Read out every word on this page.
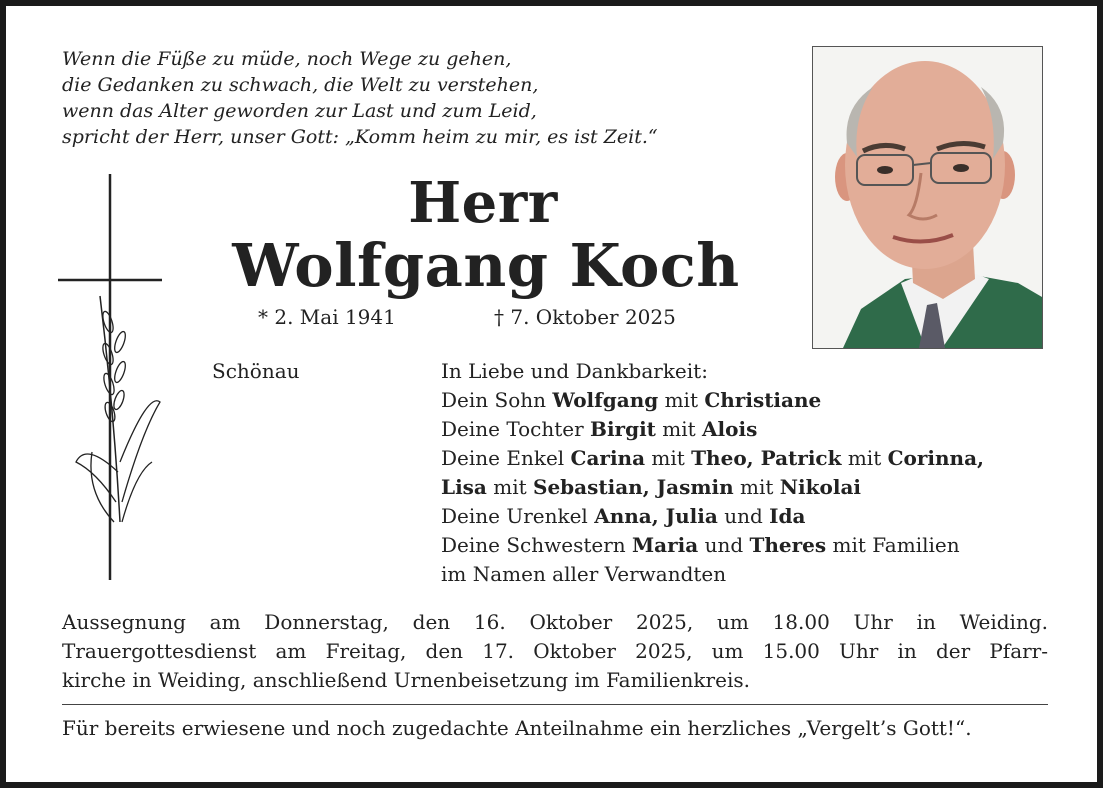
Wenn die Füße zu müde, noch Wege zu gehen,
die Gedanken zu schwach, die Welt zu verstehen,
wenn das Alter geworden zur Last und zum Leid,
spricht der Herr, unser Gott: „Komm heim zu mir, es ist Zeit.“
Herr
Wolfgang Koch
* 2. Mai 1941	† 7. Oktober 2025
Schönau	In Liebe und Dankbarkeit:
Dein Sohn Wolfgang mit Christiane
Deine Tochter Birgit mit Alois
Deine Enkel Carina mit Theo, Patrick mit Corinna,
Lisa mit Sebastian, Jasmin mit Nikolai
Deine Urenkel Anna, Julia und Ida
Deine Schwestern Maria und Theres mit Familien
im Namen aller Verwandten
Aussegnung am Donnerstag, den 16. Oktober 2025, um 18.00 Uhr in Weiding.
Trauergottesdienst am Freitag, den 17. Oktober 2025, um 15.00 Uhr in der Pfarr-
kirche in Weiding, anschließend Urnenbeisetzung im Familienkreis.
Für bereits erwiesene und noch zugedachte Anteilnahme ein herzliches „Vergelt’s Gott!“.
